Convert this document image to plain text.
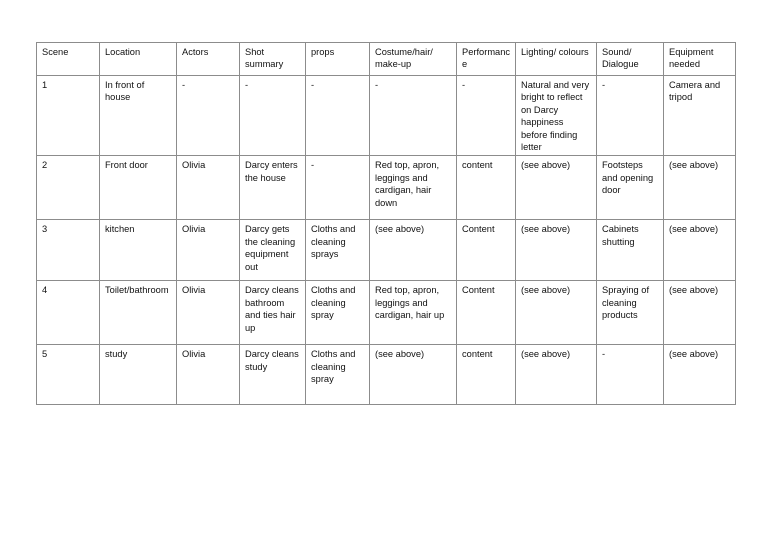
Scene	Location	Actors	Shot summary	props	Costume/hair/ make-up	Performance	Lighting/ colours	Sound/ Dialogue	Equipment needed
1	In front of house	-	-	-	-	-	Natural and very bright to reflect on Darcy happiness before finding letter	-	Camera and tripod
2	Front door	Olivia	Darcy enters the house	-	Red top, apron, leggings and cardigan, hair down	content	(see above)	Footsteps and opening door	(see above)
3	kitchen	Olivia	Darcy gets the cleaning equipment out	Cloths and cleaning sprays	(see above)	Content	(see above)	Cabinets shutting	(see above)
4	Toilet/bathroom	Olivia	Darcy cleans bathroom and ties hair up	Cloths and cleaning spray	Red top, apron, leggings and cardigan, hair up	Content	(see above)	Spraying of cleaning products	(see above)
5	study	Olivia	Darcy cleans study	Cloths and cleaning spray	(see above)	content	(see above)	-	(see above)
